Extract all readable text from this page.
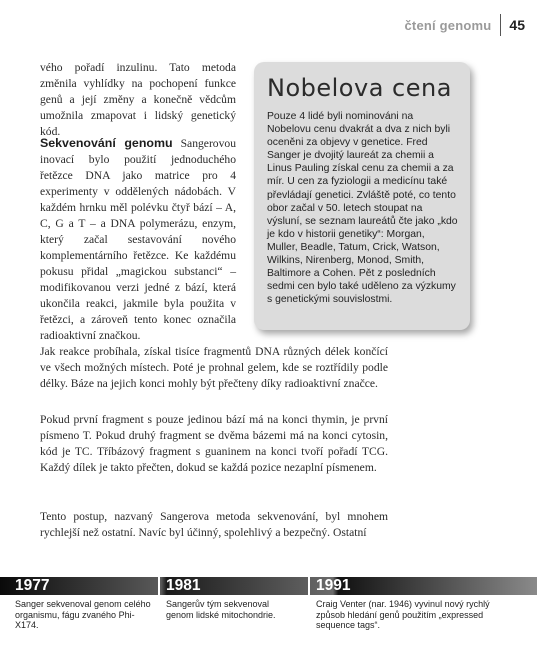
čtení genomu 45

vého pořadí inzulinu. Tato metoda změnila vyhlídky na pochopení funkce genů a její změny a konečně vědcům umožnila zmapovat i lidský genetický kód.

Sekvenování genomu Sangerovou inovací bylo použití jednoduchého řetězce DNA jako matrice pro 4 experimenty v oddělených nádobách. V každém hrnku měl polévku čtyř bází – A, C, G a T – a DNA polymerázu, enzym, který začal sestavování nového komplementárního řetězce. Ke každému pokusu přidal „magickou substanci“ – modifikovanou verzi jedné z bází, která ukončila reakci, jakmile byla použita v řetězci, a zároveň tento konec označila radioaktivní značkou.

Nobelova cena

Pouze 4 lidé byli nominováni na Nobelovu cenu dvakrát a dva z nich byli oceněni za objevy v genetice. Fred Sanger je dvojitý laureát za chemii a Linus Pauling získal cenu za chemii a za mír. U cen za fyziologii a medicínu také převládají genetici. Zvláště poté, co tento obor začal v 50. letech stoupat na výsluní, se seznam laureátů čte jako „kdo je kdo v historii genetiky“: Morgan, Muller, Beadle, Tatum, Crick, Watson, Wilkins, Nirenberg, Monod, Smith, Baltimore a Cohen. Pět z posledních sedmi cen bylo také uděleno za výzkumy s genetickými souvislostmi.

Jak reakce probíhala, získal tisíce fragmentů DNA různých délek končící ve všech možných místech. Poté je prohnal gelem, kde se roztřídily podle délky. Báze na jejich konci mohly být přečteny díky radioaktivní značce.

Pokud první fragment s pouze jedinou bází má na konci thymin, je první písmeno T. Pokud druhý fragment se dvěma bázemi má na konci cytosin, kód je TC. Tříbázový fragment s guaninem na konci tvoří pořadí TCG. Každý dílek je takto přečten, dokud se každá pozice nezaplní písmenem.

Tento postup, nazvaný Sangerova metoda sekvenování, byl mnohem rychlejší než ostatní. Navíc byl účinný, spolehlivý a bezpečný. Ostatní

1977
Sanger sekvenoval genom celého organismu, fágu zvaného Phi-X174.
1981
Sangerův tým sekvenoval genom lidské mitochondrie.
1991
Craig Venter (nar. 1946) vyvinul nový rychlý způsob hledání genů použitím „expressed sequence tags“.
